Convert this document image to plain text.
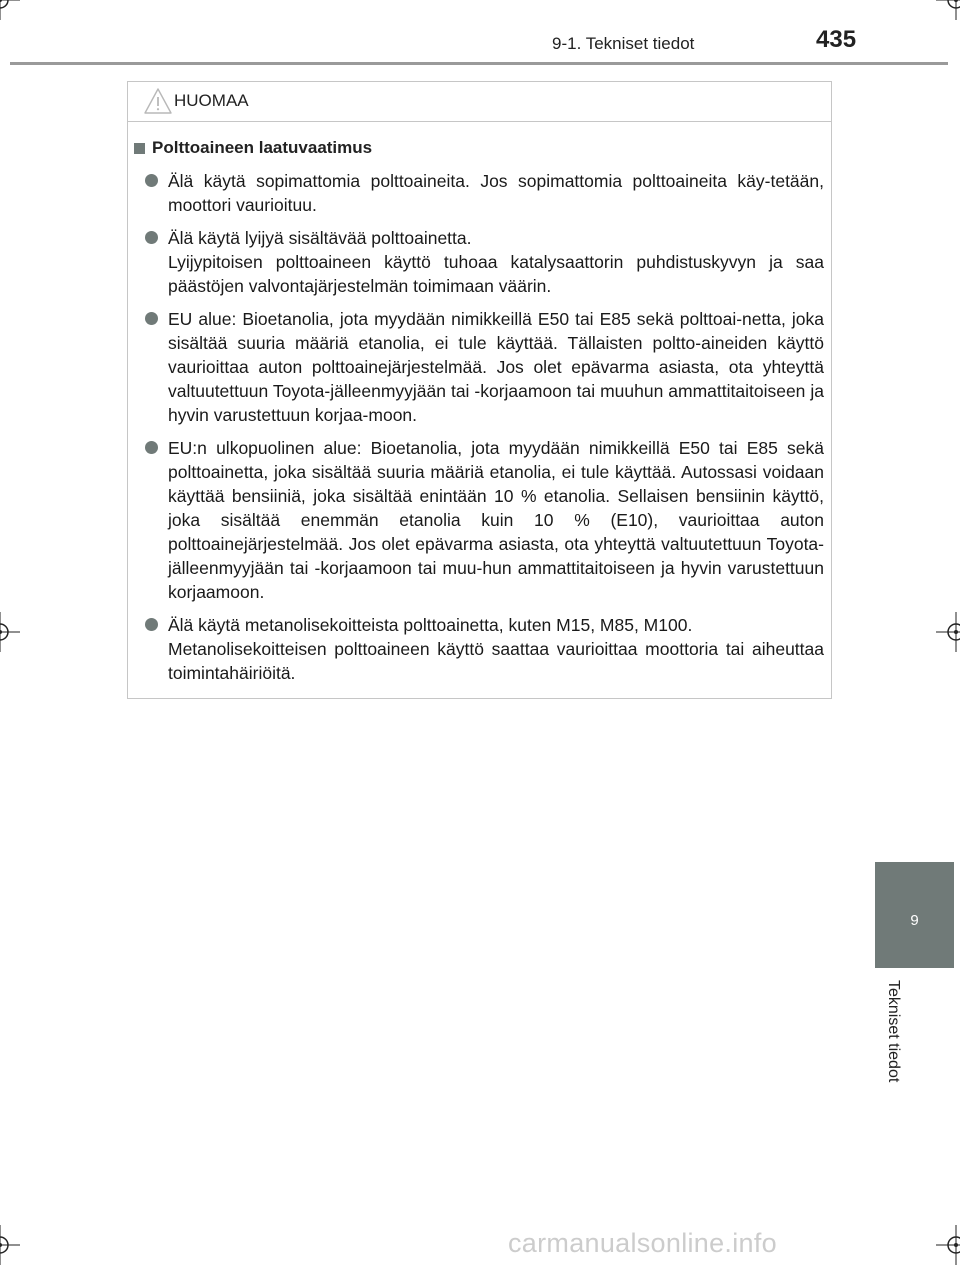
9-1. Tekniset tiedot	435
HUOMAA
Polttoaineen laatuvaatimus

Älä käytä sopimattomia polttoaineita. Jos sopimattomia polttoaineita käy-tetään, moottori vaurioituu.

Älä käytä lyijyä sisältävää polttoainetta.

Lyijypitoisen polttoaineen käyttö tuhoaa katalysaattorin puhdistuskyvyn ja saa päästöjen valvontajärjestelmän toimimaan väärin.

EU alue: Bioetanolia, jota myydään nimikkeillä E50 tai E85 sekä polttoai-netta, joka sisältää suuria määriä etanolia, ei tule käyttää. Tällaisten poltto-aineiden käyttö vaurioittaa auton polttoainejärjestelmää. Jos olet epävarma asiasta, ota yhteyttä valtuutettuun Toyota-jälleenmyyjään tai -korjaamoon tai muuhun ammattitaitoiseen ja hyvin varustettuun korjaa-moon.

EU:n ulkopuolinen alue: Bioetanolia, jota myydään nimikkeillä E50 tai E85 sekä polttoainetta, joka sisältää suuria määriä etanolia, ei tule käyttää. Autossasi voidaan käyttää bensiiniä, joka sisältää enintään 10 % etanolia. Sellaisen bensiinin käyttö, joka sisältää enemmän etanolia kuin 10 % (E10), vaurioittaa auton polttoainejärjestelmää. Jos olet epävarma asiasta, ota yhteyttä valtuutettuun Toyota-jälleenmyyjään tai -korjaamoon tai muu-hun ammattitaitoiseen ja hyvin varustettuun korjaamoon.

Älä käytä metanolisekoitteista polttoainetta, kuten M15, M85, M100.

Metanolisekoitteisen polttoaineen käyttö saattaa vaurioittaa moottoria tai aiheuttaa toimintahäiriöitä.

9
Tekniset tiedot
carmanualsonline.info
